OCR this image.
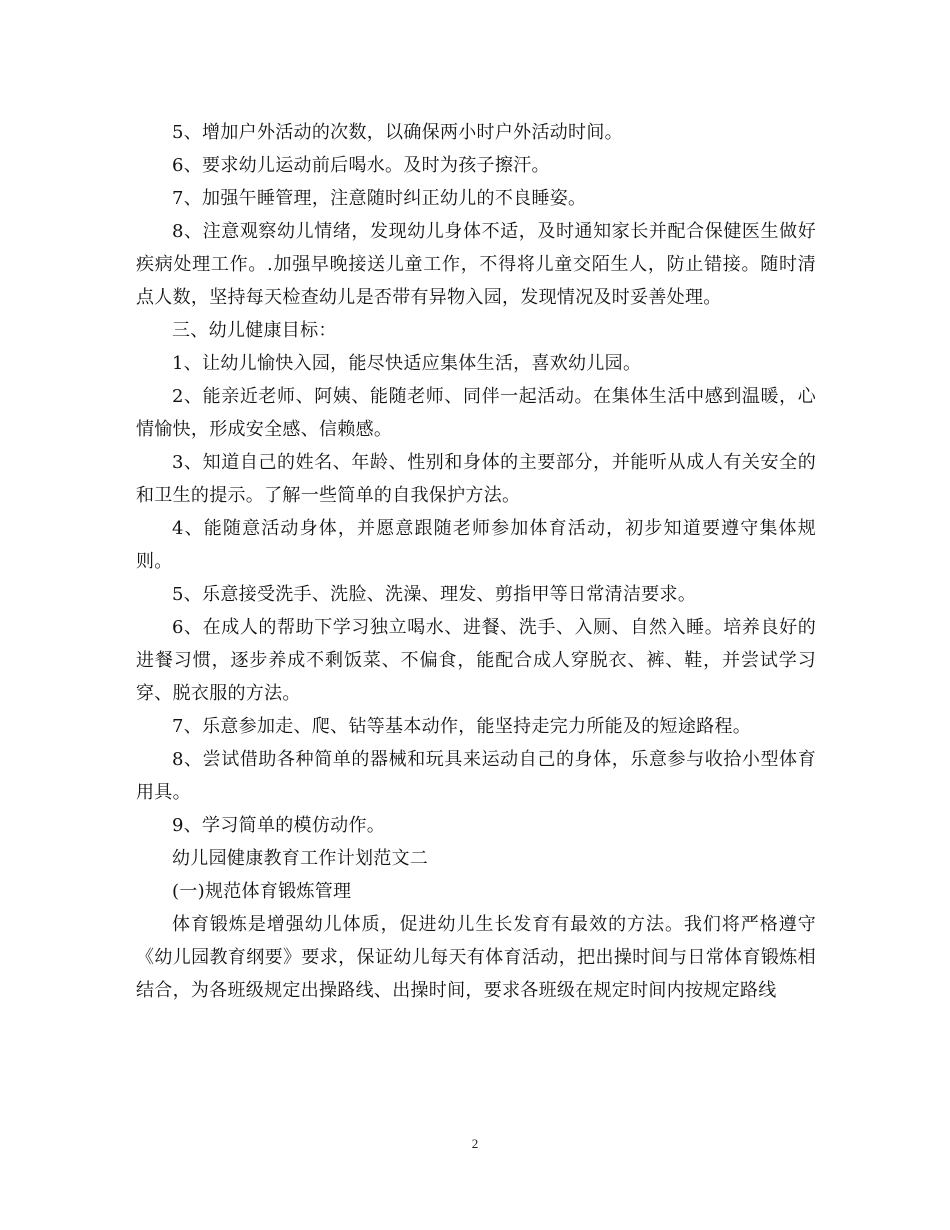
5、增加户外活动的次数，以确保两小时户外活动时间。

6、要求幼儿运动前后喝水。及时为孩子擦汗。

7、加强午睡管理，注意随时纠正幼儿的不良睡姿。

8、注意观察幼儿情绪，发现幼儿身体不适，及时通知家长并配合保健医生做好疾病处理工作。.加强早晚接送儿童工作，不得将儿童交陌生人，防止错接。随时清点人数，坚持每天检查幼儿是否带有异物入园，发现情况及时妥善处理。

三、幼儿健康目标：

1、让幼儿愉快入园，能尽快适应集体生活，喜欢幼儿园。

2、能亲近老师、阿姨、能随老师、同伴一起活动。在集体生活中感到温暖，心情愉快，形成安全感、信赖感。

3、知道自己的姓名、年龄、性别和身体的主要部分，并能听从成人有关安全的和卫生的提示。了解一些简单的自我保护方法。

4、能随意活动身体，并愿意跟随老师参加体育活动，初步知道要遵守集体规则。

5、乐意接受洗手、洗脸、洗澡、理发、剪指甲等日常清洁要求。

6、在成人的帮助下学习独立喝水、进餐、洗手、入厕、自然入睡。培养良好的进餐习惯，逐步养成不剩饭菜、不偏食，能配合成人穿脱衣、裤、鞋，并尝试学习穿、脱衣服的方法。

7、乐意参加走、爬、钻等基本动作，能坚持走完力所能及的短途路程。

8、尝试借助各种简单的器械和玩具来运动自己的身体，乐意参与收拾小型体育用具。

9、学习简单的模仿动作。

幼儿园健康教育工作计划范文二

(一)规范体育锻炼管理

体育锻炼是增强幼儿体质，促进幼儿生长发育有最效的方法。我们将严格遵守《幼儿园教育纲要》要求，保证幼儿每天有体育活动，把出操时间与日常体育锻炼相结合，为各班级规定出操路线、出操时间，要求各班级在规定时间内按规定路线

2
